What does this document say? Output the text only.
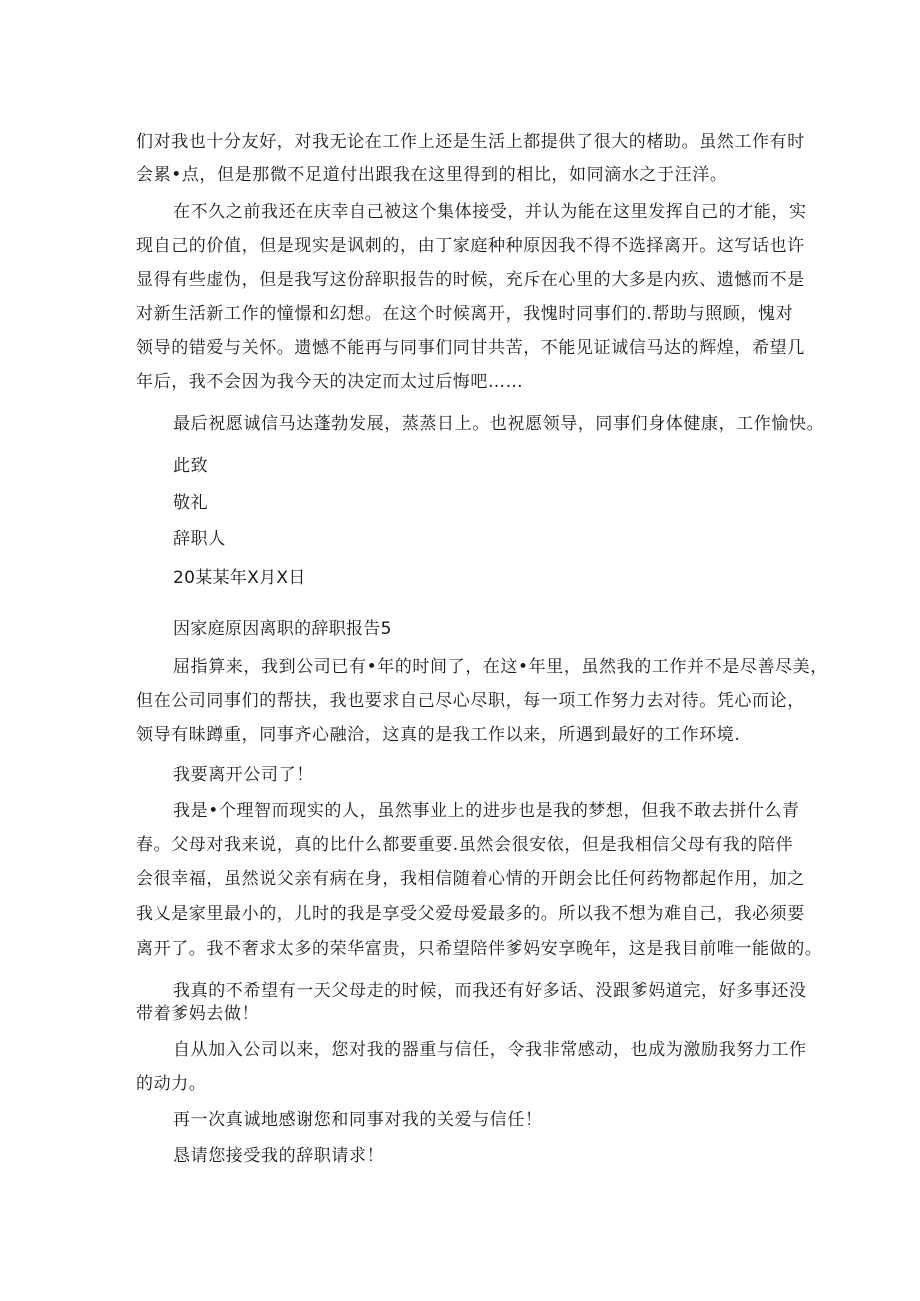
们对我也十分友好，对我无论在工作上还是生活上都提供了很大的楮助。虽然工作有时

会累•点，但是那微不足道付出跟我在这里得到的相比，如同滴水之于汪洋。

在不久之前我还在庆幸自己被这个集体接受，并认为能在这里发挥自己的才能，实

现自己的价值，但是现实是讽刺的，由丁家庭种种原因我不得不选择离开。这写话也许

显得有些虚伪，但是我写这份辞职报告的时候，充斥在心里的大多是内疚、遗憾而不是

对新生活新工作的憧憬和幻想。在这个时候离开，我愧时同事们的.帮助与照顾，愧对

领导的错爱与关怀。遗憾不能再与同事们同甘共苦，不能见证诚信马达的辉煌，希望几

年后，我不会因为我今天的决定而太过后悔吧……

最后祝愿诚信马达蓬勃发展，蒸蒸日上。也祝愿领导，同事们身体健康，工作愉快。

此致

敬礼

辞职人

20某某年X月X日

因家庭原因离职的辞职报告5

屈指算来，我到公司已有•年的时间了，在这•年里，虽然我的工作并不是尽善尽美，

但在公司同事们的帮扶，我也要求自己尽心尽职，每一项工作努力去对待。凭心而论，

领导有昧蹲重，同事齐心融洽，这真的是我工作以来，所遇到最好的工作环境.

我要离开公司了！

我是•个理智而现实的人，虽然事业上的进步也是我的梦想，但我不敢去拼什么青

春。父母对我来说，真的比什么都要重要.虽然会很安依，但是我相信父母有我的陪伴

会很幸福，虽然说父亲有病在身，我相信随着心情的开朗会比任何药物都起作用，加之

我乂是家里最小的，儿时的我是享受父爱母爱最多的。所以我不想为难自己，我必须要

离开了。我不奢求太多的荣华富贵，只希望陪伴爹妈安享晚年，这是我目前唯一能做的。

我真的不希望有一天父母走的时候，而我还有好多话、没跟爹妈道完，好多事还没

带着爹妈去做！

自从加入公司以来，您对我的器重与信任，令我非常感动，也成为激励我努力工作

的动力。

再一次真诚地感谢您和同事对我的关爱与信任！

恳请您接受我的辞职请求！
